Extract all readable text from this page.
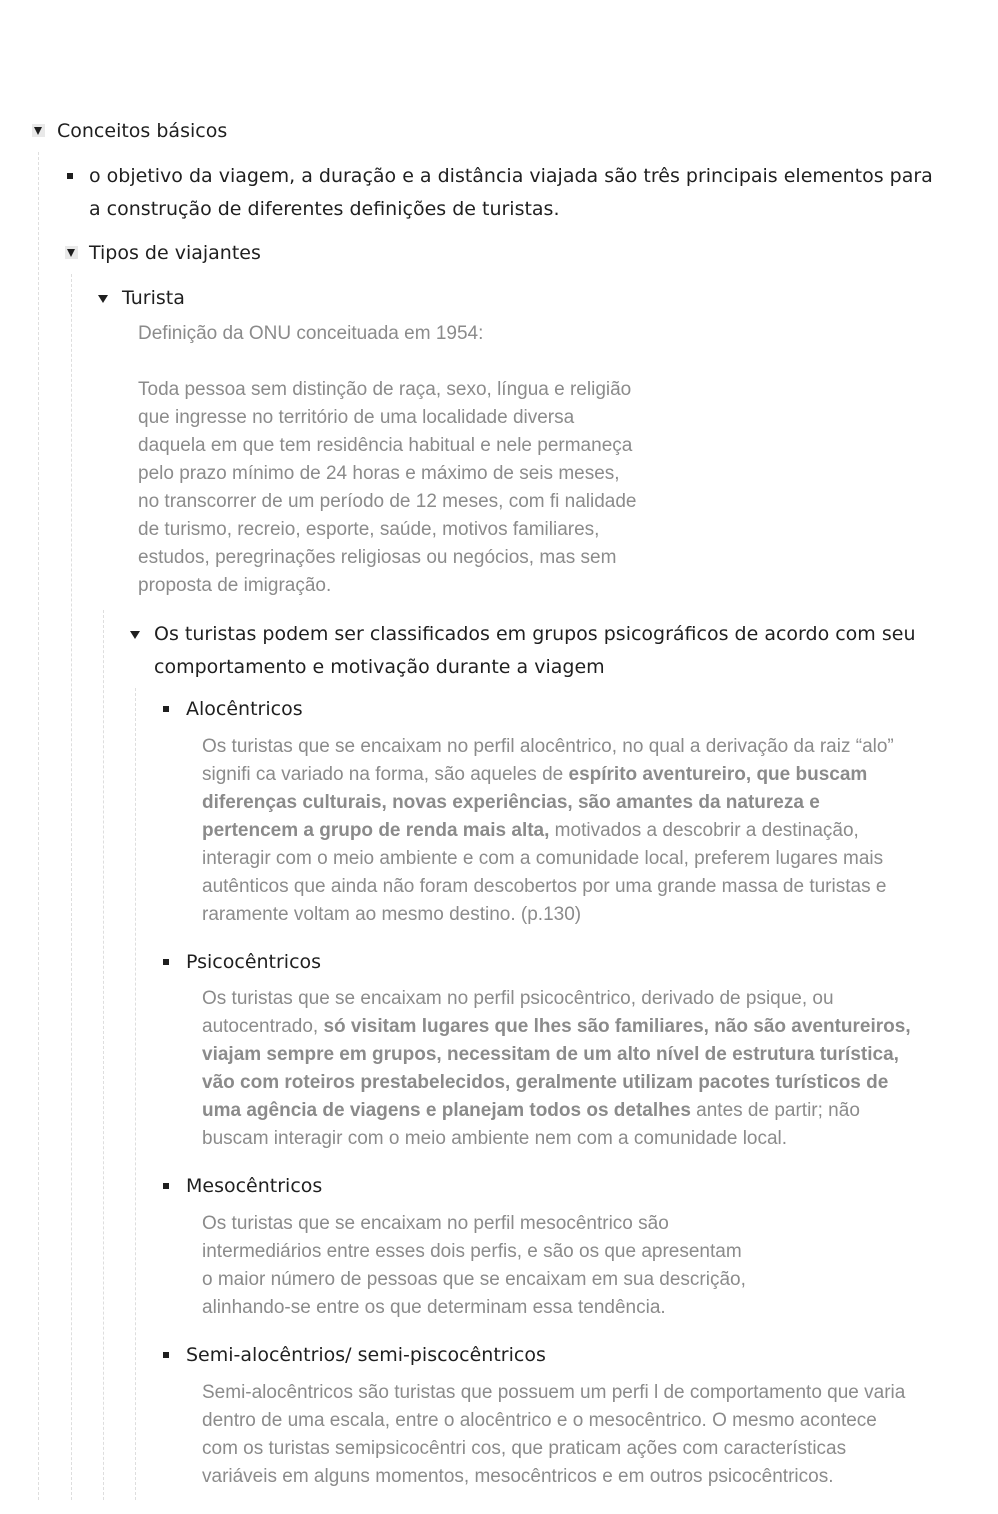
Conceitos básicos
o objetivo da viagem, a duração e a distância viajada são três principais elementos para
a construção de diferentes definições de turistas.
Tipos de viajantes
Turista
Definição da ONU conceituada em 1954:
Toda pessoa sem distinção de raça, sexo, língua e religião
que ingresse no território de uma localidade diversa
daquela em que tem residência habitual e nele permaneça
pelo prazo mínimo de 24 horas e máximo de seis meses,
no transcorrer de um período de 12 meses, com fi nalidade
de turismo, recreio, esporte, saúde, motivos familiares,
estudos, peregrinações religiosas ou negócios, mas sem
proposta de imigração.
Os turistas podem ser classificados em grupos psicográficos de acordo com seu
comportamento e motivação durante a viagem
Alocêntricos
Os turistas que se encaixam no perfil alocêntrico, no qual a derivação da raiz “alo”
signifi ca variado na forma, são aqueles de espírito aventureiro, que buscam
diferenças culturais, novas experiências, são amantes da natureza e
pertencem a grupo de renda mais alta, motivados a descobrir a destinação,
interagir com o meio ambiente e com a comunidade local, preferem lugares mais
autênticos que ainda não foram descobertos por uma grande massa de turistas e
raramente voltam ao mesmo destino. (p.130)
Psicocêntricos
Os turistas que se encaixam no perfil psicocêntrico, derivado de psique, ou
autocentrado, só visitam lugares que lhes são familiares, não são aventureiros,
viajam sempre em grupos, necessitam de um alto nível de estrutura turística,
vão com roteiros prestabelecidos, geralmente utilizam pacotes turísticos de
uma agência de viagens e planejam todos os detalhes antes de partir; não
buscam interagir com o meio ambiente nem com a comunidade local.
Mesocêntricos
Os turistas que se encaixam no perfil mesocêntrico são
intermediários entre esses dois perfis, e são os que apresentam
o maior número de pessoas que se encaixam em sua descrição,
alinhando-se entre os que determinam essa tendência.
Semi-alocêntrios/ semi-piscocêntricos
Semi-alocêntricos são turistas que possuem um perfi l de comportamento que varia
dentro de uma escala, entre o alocêntrico e o mesocêntrico. O mesmo acontece
com os turistas semipsicocêntri cos, que praticam ações com características
variáveis em alguns momentos, mesocêntricos e em outros psicocêntricos.
